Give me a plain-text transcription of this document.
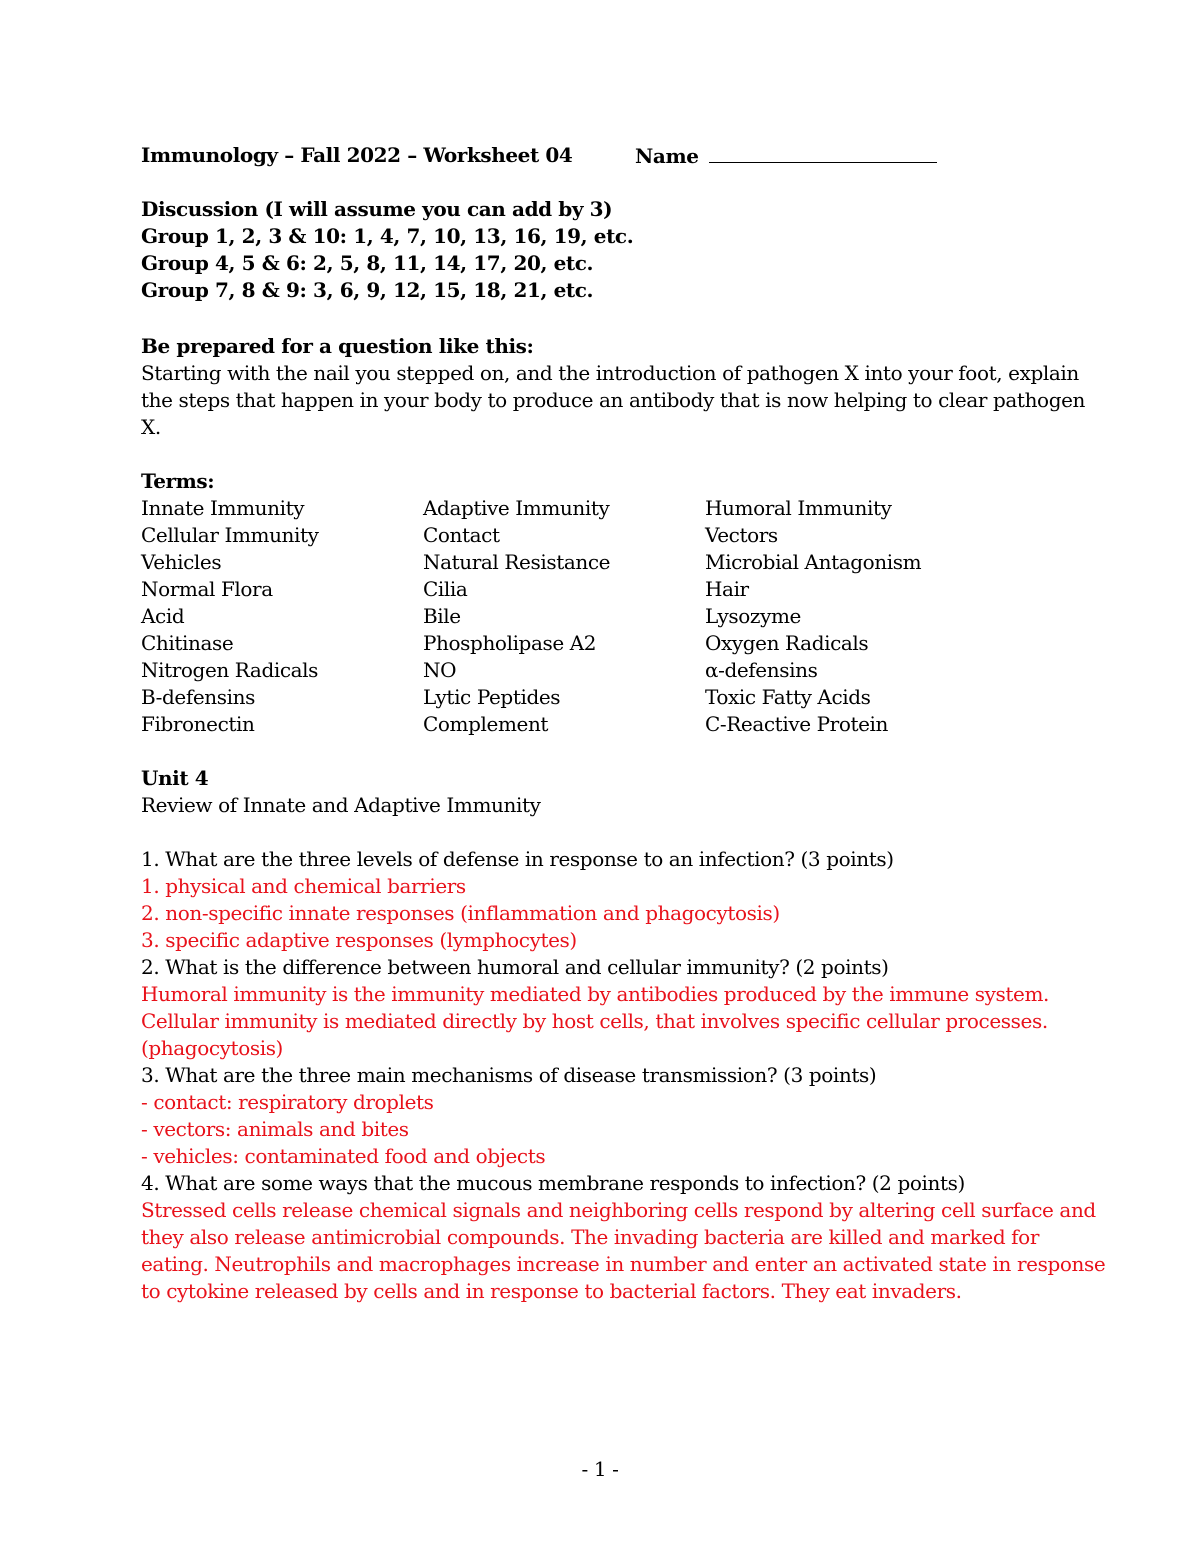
Immunology – Fall 2022 – Worksheet 04	Name
Discussion (I will assume you can add by 3)
Group 1, 2, 3 & 10: 1, 4, 7, 10, 13, 16, 19, etc.
Group 4, 5 & 6: 2, 5, 8, 11, 14, 17, 20, etc.
Group 7, 8 & 9: 3, 6, 9, 12, 15, 18, 21, etc.
Be prepared for a question like this:
Starting with the nail you stepped on, and the introduction of pathogen X into your foot, explain
the steps that happen in your body to produce an antibody that is now helping to clear pathogen
X.
Terms:
Innate Immunity	Adaptive Immunity	Humoral Immunity
Cellular Immunity	Contact	Vectors
Vehicles	Natural Resistance	Microbial Antagonism
Normal Flora	Cilia	Hair
Acid	Bile	Lysozyme
Chitinase	Phospholipase A2	Oxygen Radicals
Nitrogen Radicals	NO	α-defensins
B-defensins	Lytic Peptides	Toxic Fatty Acids
Fibronectin	Complement	C-Reactive Protein
Unit 4
Review of Innate and Adaptive Immunity
1. What are the three levels of defense in response to an infection? (3 points)
1. physical and chemical barriers
2. non-specific innate responses (inflammation and phagocytosis)
3. specific adaptive responses (lymphocytes)
2. What is the difference between humoral and cellular immunity? (2 points)
Humoral immunity is the immunity mediated by antibodies produced by the immune system.
Cellular immunity is mediated directly by host cells, that involves specific cellular processes.
(phagocytosis)
3. What are the three main mechanisms of disease transmission? (3 points)
- contact: respiratory droplets
- vectors: animals and bites
- vehicles: contaminated food and objects
4. What are some ways that the mucous membrane responds to infection? (2 points)
Stressed cells release chemical signals and neighboring cells respond by altering cell surface and
they also release antimicrobial compounds. The invading bacteria are killed and marked for
eating. Neutrophils and macrophages increase in number and enter an activated state in response
to cytokine released by cells and in response to bacterial factors. They eat invaders.
- 1 -
